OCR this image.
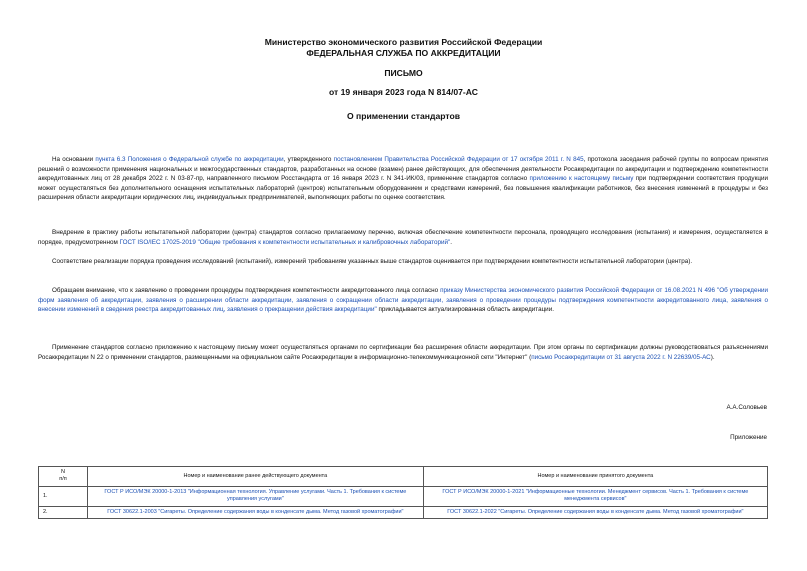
Министерство экономического развития Российской Федерации
ФЕДЕРАЛЬНАЯ СЛУЖБА ПО АККРЕДИТАЦИИ
ПИСЬМО
от 19 января 2023 года N 814/07-АС
О применении стандартов
На основании пункта 6.3 Положения о Федеральной службе по аккредитации, утвержденного постановлением Правительства Российской Федерации от 17 октября 2011 г. N 845, протокола заседания рабочей группы по вопросам принятия решений о возможности применения национальных и межгосударственных стандартов, разработанных на основе (взамен) ранее действующих, для обеспечения деятельности Росаккредитации по аккредитации и подтверждению компетентности аккредитованных лиц от 28 декабря 2022 г. N 03-87-пр, направленного письмом Росстандарта от 16 января 2023 г. N 341-ИК/03, применение стандартов согласно приложению к настоящему письму при подтверждении соответствия продукции может осуществляться без дополнительного оснащения испытательных лабораторий (центров) испытательным оборудованием и средствами измерений, без повышения квалификации работников, без внесения изменений в процедуры и без расширения области аккредитации юридических лиц, индивидуальных предпринимателей, выполняющих работы по оценке соответствия.
Внедрение в практику работы испытательной лаборатории (центра) стандартов согласно прилагаемому перечню, включая обеспечение компетентности персонала, проводящего исследования (испытания) и измерения, осуществляется в порядке, предусмотренном ГОСТ ISO/IEC 17025-2019 "Общие требования к компетентности испытательных и калибровочных лабораторий".
Соответствие реализации порядка проведения исследований (испытаний), измерений требованиям указанных выше стандартов оценивается при подтверждении компетентности испытательной лаборатории (центра).
Обращаем внимание, что к заявлению о проведении процедуры подтверждения компетентности аккредитованного лица согласно приказу Министерства экономического развития Российской Федерации от 16.08.2021 N 496 "Об утверждении форм заявления об аккредитации, заявления о расширении области аккредитации, заявления о сокращении области аккредитации, заявления о проведении процедуры подтверждения компетентности аккредитованного лица, заявления о внесении изменений в сведения реестра аккредитованных лиц, заявления о прекращении действия аккредитации" прикладывается актуализированная область аккредитации.
Применение стандартов согласно приложению к настоящему письму может осуществляться органами по сертификации без расширения области аккредитации. При этом органы по сертификации должны руководствоваться разъяснениями Росаккредитации N 22 о применении стандартов, размещенными на официальном сайте Росаккредитации в информационно-телекоммуникационной сети "Интернет" (письмо Росаккредитации от 31 августа 2022 г. N 22639/05-АС).
А.А.Соловьев
Приложение
N
п/п	Номер и наименование ранее действующего документа	Номер и наименование принятого документа
1.	ГОСТ Р ИСО/МЭК 20000-1-2013 "Информационная технология. Управление услугами. Часть 1. Требования к системе управления услугами"	ГОСТ Р ИСО/МЭК 20000-1-2021 "Информационные технологии. Менеджмент сервисов. Часть 1. Требования к системе менеджмента сервисов"
2.	ГОСТ 30622.1-2003 "Сигареты. Определение содержания воды в конденсате дыма. Метод газовой хроматографии"	ГОСТ 30622.1-2022 "Сигареты. Определение содержания воды в конденсате дыма. Метод газовой хроматографии"
